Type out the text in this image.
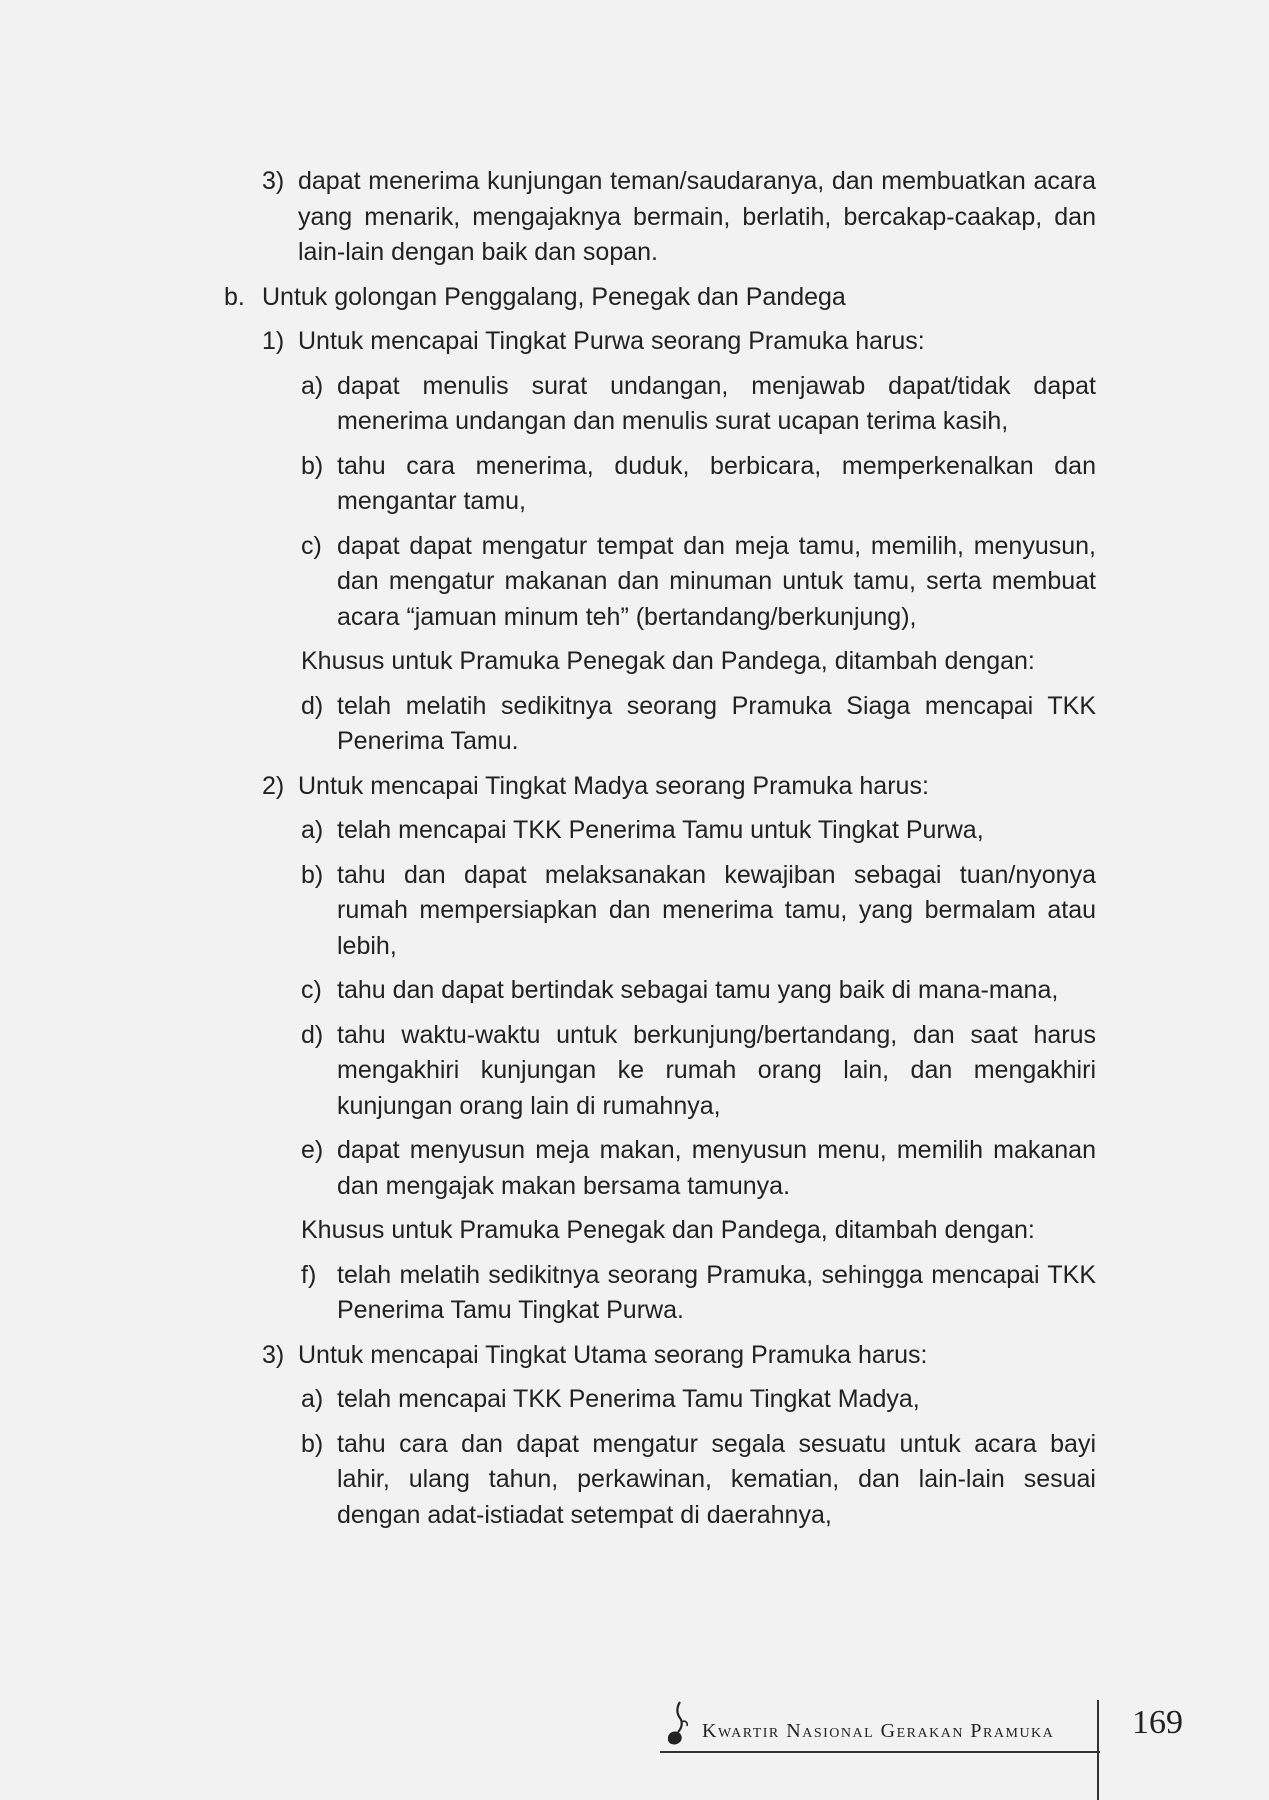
3) dapat menerima kunjungan teman/saudaranya, dan membuatkan acara yang menarik, mengajaknya bermain, berlatih, bercakap-caakap, dan lain-lain dengan baik dan sopan.
b. Untuk golongan Penggalang, Penegak dan Pandega
1) Untuk mencapai Tingkat Purwa seorang Pramuka harus:
a) dapat menulis surat undangan, menjawab dapat/tidak dapat menerima undangan dan menulis surat ucapan terima kasih,
b) tahu cara menerima, duduk, berbicara, memperkenalkan dan mengantar tamu,
c) dapat dapat mengatur tempat dan meja tamu, memilih, menyusun, dan mengatur makanan dan minuman untuk tamu, serta membuat acara “jamuan minum teh” (bertandang/berkunjung),
Khusus untuk Pramuka Penegak dan Pandega, ditambah dengan:
d) telah melatih sedikitnya seorang Pramuka Siaga mencapai TKK Penerima Tamu.
2) Untuk mencapai Tingkat Madya seorang Pramuka harus:
a) telah mencapai TKK Penerima Tamu untuk Tingkat Purwa,
b) tahu dan dapat melaksanakan kewajiban sebagai tuan/nyonya rumah mempersiapkan dan menerima tamu, yang bermalam atau lebih,
c) tahu dan dapat bertindak sebagai tamu yang baik di mana-mana,
d) tahu waktu-waktu untuk berkunjung/bertandang, dan saat harus mengakhiri kunjungan ke rumah orang lain, dan mengakhiri kunjungan orang lain di rumahnya,
e) dapat menyusun meja makan, menyusun menu, memilih makanan dan mengajak makan bersama tamunya.
Khusus untuk Pramuka Penegak dan Pandega, ditambah dengan:
f) telah melatih sedikitnya seorang Pramuka, sehingga mencapai TKK Penerima Tamu Tingkat Purwa.
3) Untuk mencapai Tingkat Utama seorang Pramuka harus:
a) telah mencapai TKK Penerima Tamu Tingkat Madya,
b) tahu cara dan dapat mengatur segala sesuatu untuk acara bayi lahir, ulang tahun, perkawinan, kematian, dan lain-lain sesuai dengan adat-istiadat setempat di daerahnya,
Kwartir Nasional Gerakan Pramuka 169
